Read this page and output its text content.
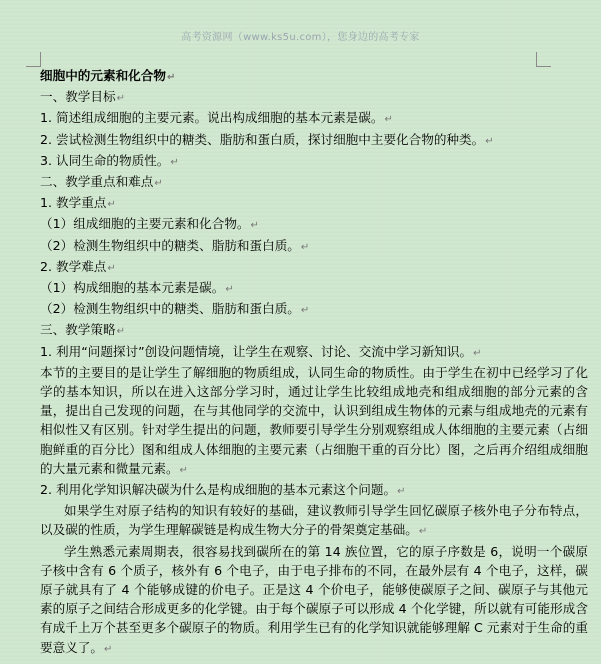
高考资源网（www.ks5u.com），您身边的高考专家
细胞中的元素和化合物↵
一、教学目标↵
1. 简述组成细胞的主要元素。说出构成细胞的基本元素是碳。↵
2. 尝试检测生物组织中的糖类、脂肪和蛋白质，探讨细胞中主要化合物的种类。↵
3. 认同生命的物质性。↵
二、教学重点和难点↵
1. 教学重点↵
（1）组成细胞的主要元素和化合物。↵
（2）检测生物组织中的糖类、脂肪和蛋白质。↵
2. 教学难点↵
（1）构成细胞的基本元素是碳。↵
（2）检测生物组织中的糖类、脂肪和蛋白质。↵
三、教学策略↵
1. 利用“问题探讨”创设问题情境，让学生在观察、讨论、交流中学习新知识。↵
本节的主要目的是让学生了解细胞的物质组成，认同生命的物质性。由于学生在初中已经学习了化学的基本知识，所以在进入这部分学习时，通过让学生比较组成地壳和组成细胞的部分元素的含量，提出自己发现的问题，在与其他同学的交流中，认识到组成生物体的元素与组成地壳的元素有相似性又有区别。针对学生提出的问题，教师要引导学生分别观察组成人体细胞的主要元素（占细胞鲜重的百分比）图和组成人体细胞的主要元素（占细胞干重的百分比）图，之后再介绍组成细胞的大量元素和微量元素。↵
2. 利用化学知识解决碳为什么是构成细胞的基本元素这个问题。↵
如果学生对原子结构的知识有较好的基础，建议教师引导学生回忆碳原子核外电子分布特点，以及碳的性质，为学生理解碳链是构成生物大分子的骨架奠定基础。↵
学生熟悉元素周期表，很容易找到碳所在的第 14 族位置，它的原子序数是 6，说明一个碳原子核中含有 6 个质子，核外有 6 个电子，由于电子排布的不同，在最外层有 4 个电子，这样，碳原子就具有了 4 个能够成键的价电子。正是这 4 个价电子，能够使碳原子之间、碳原子与其他元素的原子之间结合形成更多的化学键。由于每个碳原子可以形成 4 个化学键，所以就有可能形成含有成千上万个甚至更多个碳原子的物质。利用学生已有的化学知识就能够理解 C 元素对于生命的重要意义了。↵
